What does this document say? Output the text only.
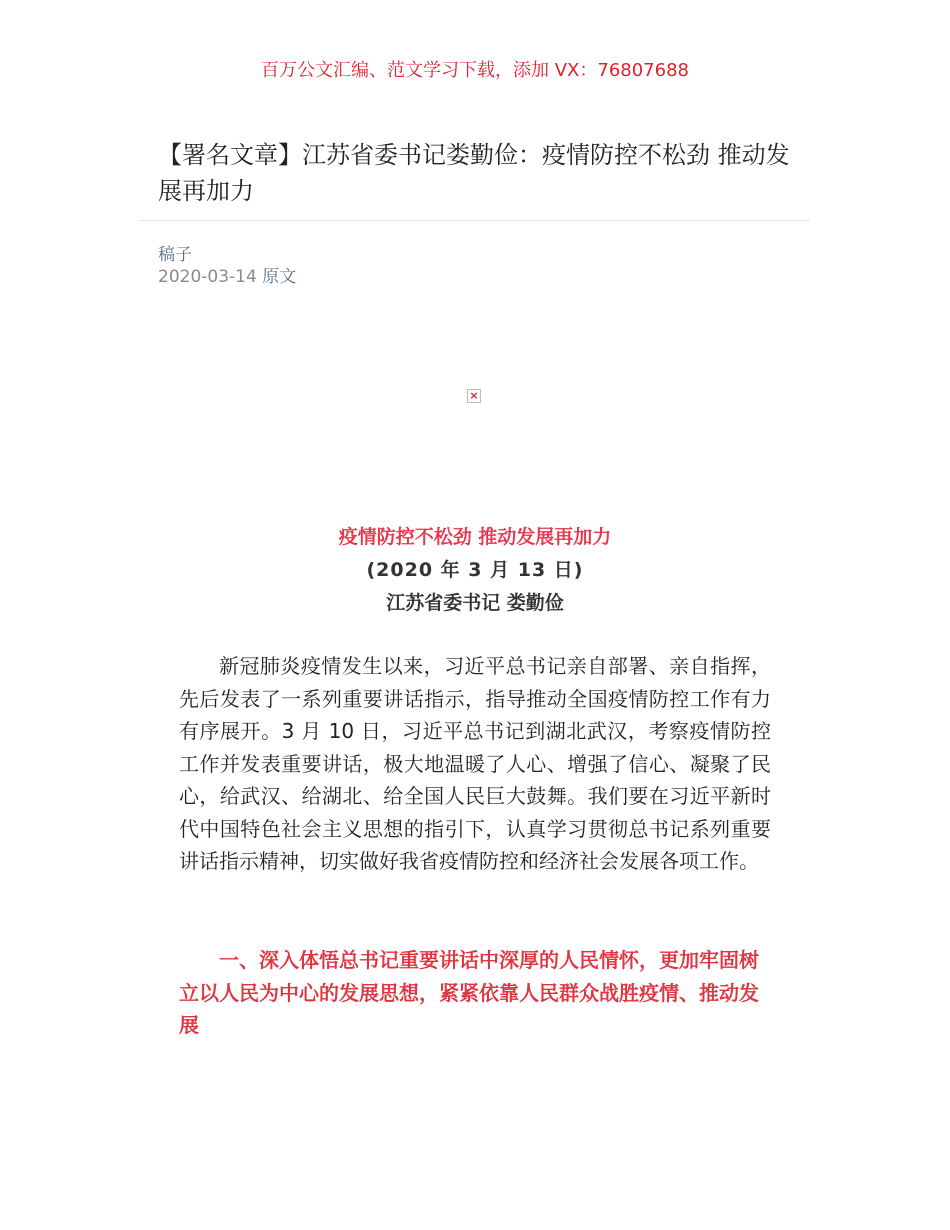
百万公文汇编、范文学习下载，添加 VX：76807688
【署名文章】江苏省委书记娄勤俭：疫情防控不松劲 推动发展再加力
稿子
2020-03-14 原文
×
疫情防控不松劲 推动发展再加力
(2020 年 3 月 13 日)
江苏省委书记 娄勤俭

新冠肺炎疫情发生以来，习近平总书记亲自部署、亲自指挥，先后发表了一系列重要讲话指示，指导推动全国疫情防控工作有力有序展开。3 月 10 日，习近平总书记到湖北武汉，考察疫情防控工作并发表重要讲话，极大地温暖了人心、增强了信心、凝聚了民心，给武汉、给湖北、给全国人民巨大鼓舞。我们要在习近平新时代中国特色社会主义思想的指引下，认真学习贯彻总书记系列重要讲话指示精神，切实做好我省疫情防控和经济社会发展各项工作。

一、深入体悟总书记重要讲话中深厚的人民情怀，更加牢固树立以人民为中心的发展思想，紧紧依靠人民群众战胜疫情、推动发展
